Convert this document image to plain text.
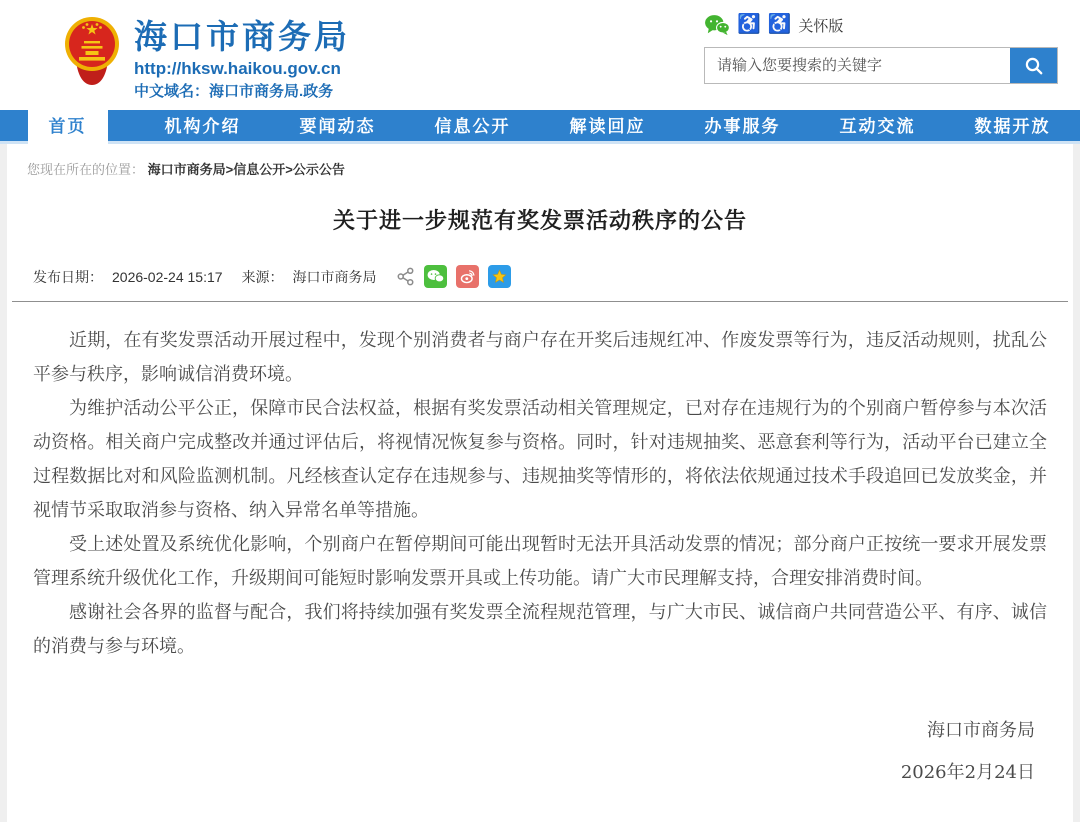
海口市商务局
http://hksw.haikou.gov.cn
中文域名：海口市商务局.政务
♿ ♿ 关怀版
请输入您要搜索的关键字
首页	机构介绍	要闻动态	信息公开	解读回应	办事服务	互动交流	数据开放
您现在所在的位置： 海口市商务局>信息公开>公示公告
关于进一步规范有奖发票活动秩序的公告
发布日期： 2026-02-24 15:17 来源： 海口市商务局

近期，在有奖发票活动开展过程中，发现个别消费者与商户存在开奖后违规红冲、作废发票等行为，违反活动规则，扰乱公平参与秩序，影响诚信消费环境。

为维护活动公平公正，保障市民合法权益，根据有奖发票活动相关管理规定，已对存在违规行为的个别商户暂停参与本次活动资格。相关商户完成整改并通过评估后，将视情况恢复参与资格。同时，针对违规抽奖、恶意套利等行为，活动平台已建立全过程数据比对和风险监测机制。凡经核查认定存在违规参与、违规抽奖等情形的，将依法依规通过技术手段追回已发放奖金，并视情节采取取消参与资格、纳入异常名单等措施。

受上述处置及系统优化影响，个别商户在暂停期间可能出现暂时无法开具活动发票的情况；部分商户正按统一要求开展发票管理系统升级优化工作，升级期间可能短时影响发票开具或上传功能。请广大市民理解支持，合理安排消费时间。

感谢社会各界的监督与配合，我们将持续加强有奖发票全流程规范管理，与广大市民、诚信商户共同营造公平、有序、诚信的消费与参与环境。

海口市商务局
2026年2月24日
